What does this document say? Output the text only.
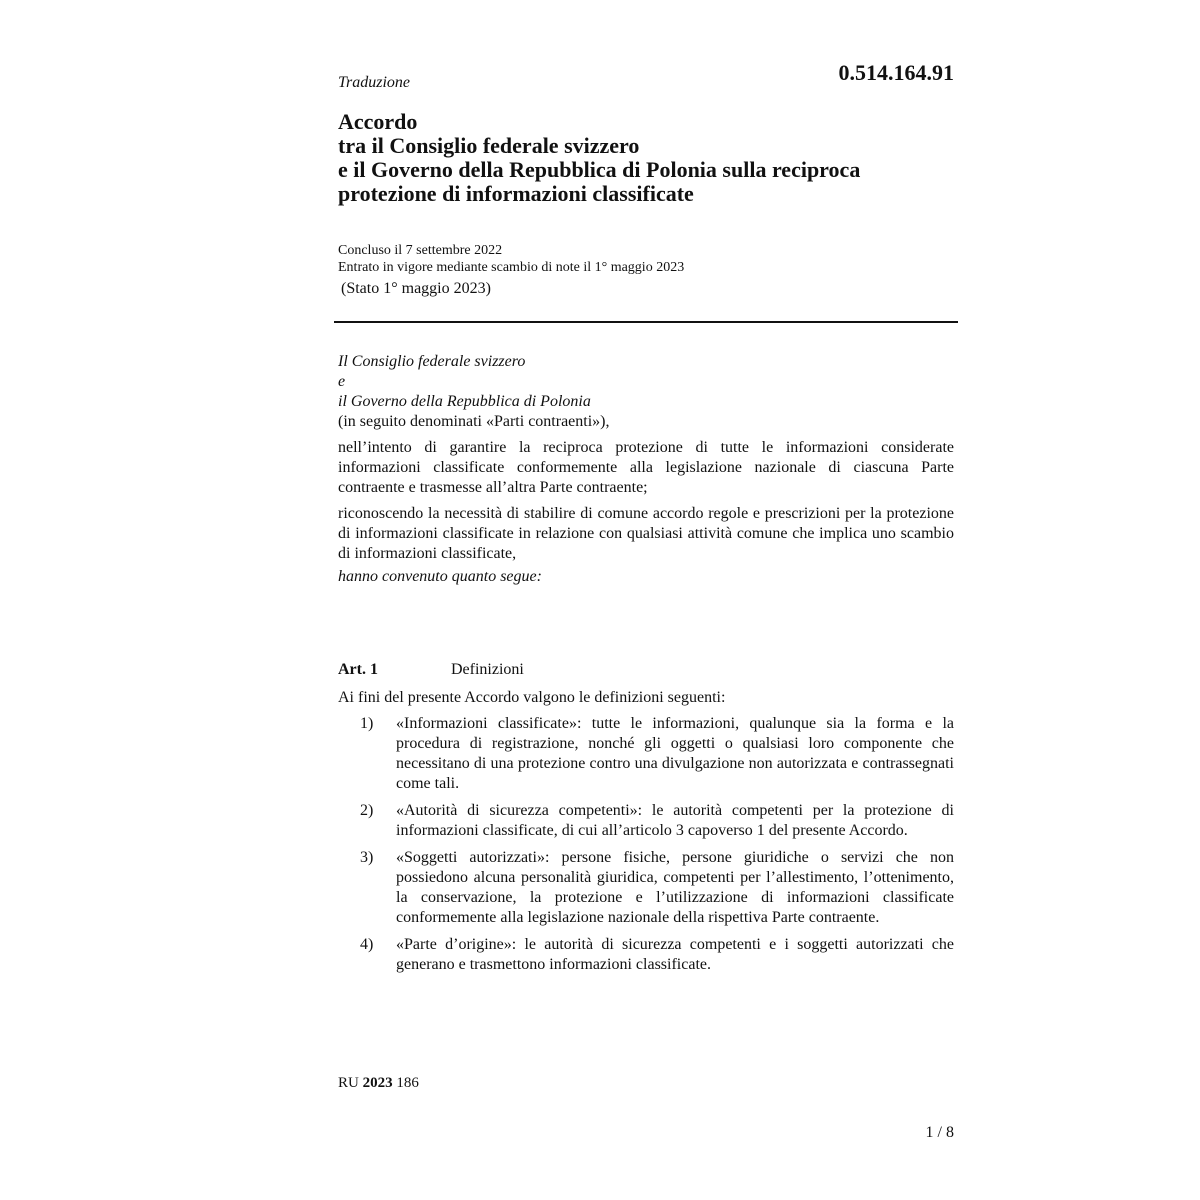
Traduzione	0.514.164.91
Accordo
tra il Consiglio federale svizzero
e il Governo della Repubblica di Polonia sulla reciproca
protezione di informazioni classificate
Concluso il 7 settembre 2022
Entrato in vigore mediante scambio di note il 1° maggio 2023
(Stato 1° maggio 2023)

Il Consiglio federale svizzero

e

il Governo della Repubblica di Polonia

(in seguito denominati «Parti contraenti»),

nell’intento di garantire la reciproca protezione di tutte le informazioni considerate informazioni classificate conformemente alla legislazione nazionale di ciascuna Parte contraente e trasmesse all’altra Parte contraente;

riconoscendo la necessità di stabilire di comune accordo regole e prescrizioni per la protezione di informazioni classificate in relazione con qualsiasi attività comune che implica uno scambio di informazioni classificate,

hanno convenuto quanto segue:

Art. 1	Definizioni
Ai fini del presente Accordo valgono le definizioni seguenti:
1)	«Informazioni classificate»: tutte le informazioni, qualunque sia la forma e la procedura di registrazione, nonché gli oggetti o qualsiasi loro componente che necessitano di una protezione contro una divulgazione non autorizzata e contrassegnati come tali.
2)	«Autorità di sicurezza competenti»: le autorità competenti per la protezione di informazioni classificate, di cui all’articolo 3 capoverso 1 del presente Accordo.
3)	«Soggetti autorizzati»: persone fisiche, persone giuridiche o servizi che non possiedono alcuna personalità giuridica, competenti per l’allestimento, l’ottenimento, la conservazione, la protezione e l’utilizzazione di informazioni classificate conformemente alla legislazione nazionale della rispettiva Parte contraente.
4)	«Parte d’origine»: le autorità di sicurezza competenti e i soggetti autorizzati che generano e trasmettono informazioni classificate.
RU 2023 186
1 / 8
